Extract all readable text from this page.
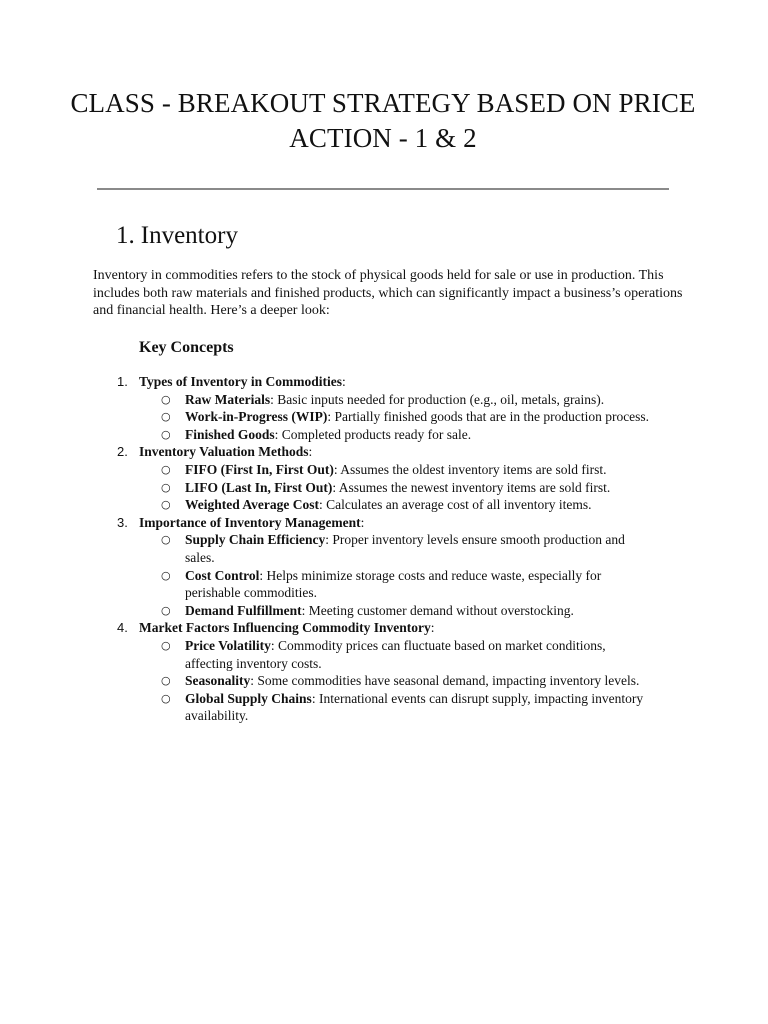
CLASS - BREAKOUT STRATEGY BASED ON PRICE ACTION - 1 & 2
1. Inventory

Inventory in commodities refers to the stock of physical goods held for sale or use in production. This includes both raw materials and finished products, which can significantly impact a business’s operations and financial health. Here’s a deeper look:

Key Concepts
1. Types of Inventory in Commodities:
○ Raw Materials: Basic inputs needed for production (e.g., oil, metals, grains).
○ Work-in-Progress (WIP): Partially finished goods that are in the production process.
○ Finished Goods: Completed products ready for sale.
2. Inventory Valuation Methods:
○ FIFO (First In, First Out): Assumes the oldest inventory items are sold first.
○ LIFO (Last In, First Out): Assumes the newest inventory items are sold first.
○ Weighted Average Cost: Calculates an average cost of all inventory items.
3. Importance of Inventory Management:
○ Supply Chain Efficiency: Proper inventory levels ensure smooth production and sales.
○ Cost Control: Helps minimize storage costs and reduce waste, especially for perishable commodities.
○ Demand Fulfillment: Meeting customer demand without overstocking.
4. Market Factors Influencing Commodity Inventory:
○ Price Volatility: Commodity prices can fluctuate based on market conditions, affecting inventory costs.
○ Seasonality: Some commodities have seasonal demand, impacting inventory levels.
○ Global Supply Chains: International events can disrupt supply, impacting inventory availability.
